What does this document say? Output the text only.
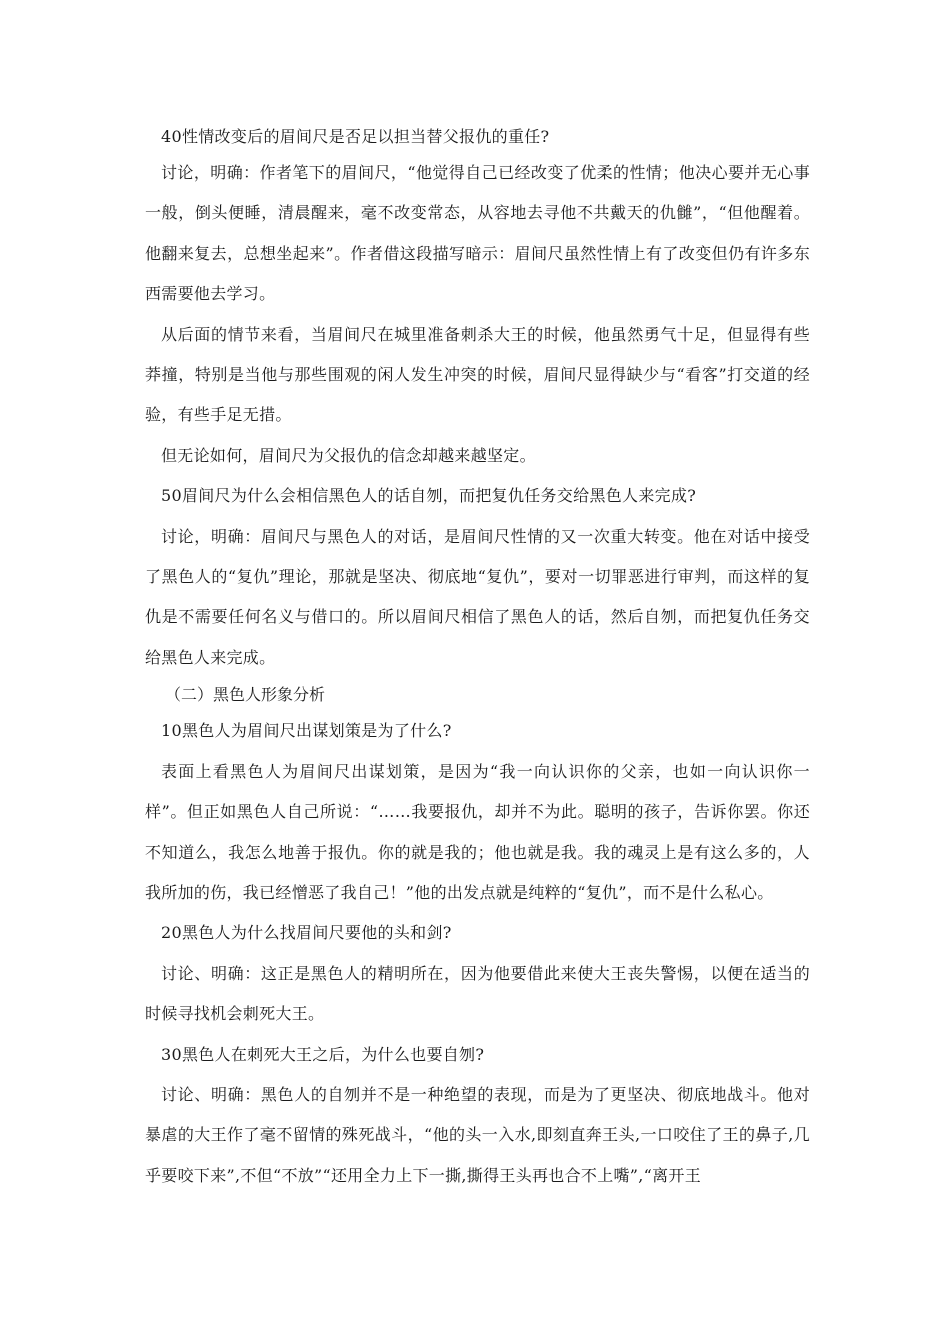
40性情改变后的眉间尺是否足以担当替父报仇的重任?

讨论，明确：作者笔下的眉间尺，“他觉得自己已经改变了优柔的性情；他决心要并无心事一般，倒头便睡，清晨醒来，毫不改变常态，从容地去寻他不共戴天的仇雠”，“但他醒着。他翻来复去，总想坐起来”。作者借这段描写暗示：眉间尺虽然性情上有了改变但仍有许多东西需要他去学习。

从后面的情节来看，当眉间尺在城里准备刺杀大王的时候，他虽然勇气十足，但显得有些莽撞，特别是当他与那些围观的闲人发生冲突的时候，眉间尺显得缺少与“看客”打交道的经验，有些手足无措。

但无论如何，眉间尺为父报仇的信念却越来越坚定。

50眉间尺为什么会相信黑色人的话自刎，而把复仇任务交给黑色人来完成?

讨论，明确：眉间尺与黑色人的对话，是眉间尺性情的又一次重大转变。他在对话中接受了黑色人的“复仇”理论，那就是坚决、彻底地“复仇”，要对一切罪恶进行审判，而这样的复仇是不需要任何名义与借口的。所以眉间尺相信了黑色人的话，然后自刎，而把复仇任务交给黑色人来完成。

（二）黑色人形象分析

10黑色人为眉间尺出谋划策是为了什么?

表面上看黑色人为眉间尺出谋划策，是因为“我一向认识你的父亲，也如一向认识你一样”。但正如黑色人自己所说：“……我要报仇，却并不为此。聪明的孩子，告诉你罢。你还不知道么，我怎么地善于报仇。你的就是我的；他也就是我。我的魂灵上是有这么多的，人我所加的伤，我已经憎恶了我自己！”他的出发点就是纯粹的“复仇”，而不是什么私心。

20黑色人为什么找眉间尺要他的头和剑?

讨论、明确：这正是黑色人的精明所在，因为他要借此来使大王丧失警惕，以便在适当的时候寻找机会刺死大王。

30黑色人在刺死大王之后，为什么也要自刎?

讨论、明确：黑色人的自刎并不是一种绝望的表现，而是为了更坚决、彻底地战斗。他对暴虐的大王作了毫不留情的殊死战斗，“他的头一入水,即刻直奔王头,一口咬住了王的鼻子,几乎要咬下来”,不但“不放”“还用全力上下一撕,撕得王头再也合不上嘴”,“离开王
